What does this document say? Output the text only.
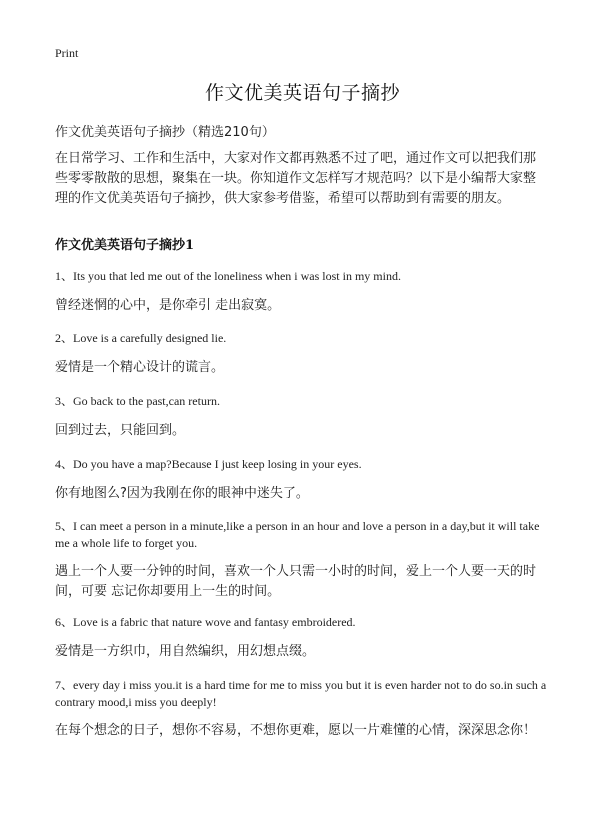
Print
作文优美英语句子摘抄
作文优美英语句子摘抄（精选210句）

在日常学习、工作和生活中，大家对作文都再熟悉不过了吧，通过作文可以把我们那些零零散散的思想，聚集在一块。你知道作文怎样写才规范吗？以下是小编帮大家整理的作文优美英语句子摘抄，供大家参考借鉴，希望可以帮助到有需要的朋友。

作文优美英语句子摘抄1

1、Its you that led me out of the loneliness when i was lost in my mind.

曾经迷惘的心中，是你牵引 走出寂寞。

2、Love is a carefully designed lie.

爱情是一个精心设计的谎言。

3、Go back to the past,can return.

回到过去，只能回到。

4、Do you have a map?Because I just keep losing in your eyes.

你有地图么?因为我刚在你的眼神中迷失了。

5、I can meet a person in a minute,like a person in an hour and love a person in a day,but it will take me a whole life to forget you.

遇上一个人要一分钟的时间，喜欢一个人只需一小时的时间，爱上一个人要一天的时间，可要 忘记你却要用上一生的时间。

6、Love is a fabric that nature wove and fantasy embroidered.

爱情是一方织巾，用自然编织，用幻想点缀。

7、every day i miss you.it is a hard time for me to miss you but it is even harder not to do so.in such a contrary mood,i miss you deeply!

在每个想念的日子，想你不容易，不想你更难，愿以一片难懂的心情，深深思念你！
